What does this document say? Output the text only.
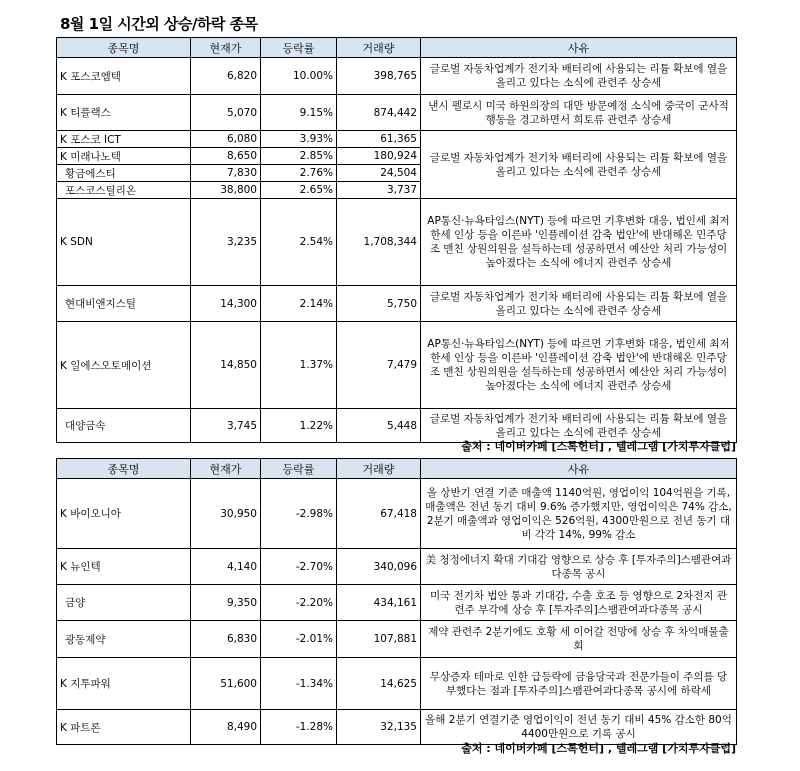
8월 1일 시간외 상승/하락 종목
종목명	현재가	등락률	거래량	사유
K 포스코엠텍	6,820	10.00%	398,765	글로벌 자동차업계가 전기차 배터리에 사용되는 리튬 확보에 열을 올리고 있다는 소식에 관련주 상승세
K 티플랙스	5,070	9.15%	874,442	낸시 펠로시 미국 하원의장의 대만 방문예정 소식에 중국이 군사적 행동을 경고하면서 희토류 관련주 상승세
K 포스코 ICT	6,080	3.93%	61,365	글로벌 자동차업계가 전기차 배터리에 사용되는 리튬 확보에 열을 올리고 있다는 소식에 관련주 상승세
K 미래나노텍	8,650	2.85%	180,924	
황금에스티	7,830	2.76%	24,504	
포스코스틸리온	38,800	2.65%	3,737	
K SDN	3,235	2.54%	1,708,344	AP통신·뉴욕타임스(NYT) 등에 따르면 기후변화 대응, 법인세 최저한세 인상 등을 이른바 '인플레이션 감축 법안'에 반대해온 민주당 조 맨친 상원의원을 설득하는데 성공하면서 예산안 처리 가능성이 높아졌다는 소식에 에너지 관련주 상승세
현대비앤지스틸	14,300	2.14%	5,750	글로벌 자동차업계가 전기차 배터리에 사용되는 리튬 확보에 열을 올리고 있다는 소식에 관련주 상승세
K 일에스오토메이션	14,850	1.37%	7,479	AP통신·뉴욕타임스(NYT) 등에 따르면 기후변화 대응, 법인세 최저한세 인상 등을 이른바 '인플레이션 감축 법안'에 반대해온 민주당 조 맨친 상원의원을 설득하는데 성공하면서 예산안 처리 가능성이 높아졌다는 소식에 에너지 관련주 상승세
대양금속	3,745	1.22%	5,448	글로벌 자동차업계가 전기차 배터리에 사용되는 리튬 확보에 열을 올리고 있다는 소식에 관련주 상승세
출처 : 네이버카페 [스톡헌터] , 텔레그램 [가치투자클럽]
종목명	현재가	등락률	거래량	사유
K 바이오니아	30,950	-2.98%	67,418	올 상반기 연결 기준 매출액 1140억원, 영업이익 104억원을 기록, 매출액은 전년 동기 대비 9.6% 증가했지만, 영업이익은 74% 감소, 2분기 매출액과 영업이익은 526억원, 4300만원으로 전년 동기 대비 각각 14%, 99% 감소
K 뉴인텍	4,140	-2.70%	340,096	美 청정에너지 확대 기대감 영향으로 상승 후 [투자주의]스팸관여과다종목 공시
금양	9,350	-2.20%	434,161	미국 전기차 법안 통과 기대감, 수출 호조 등 영향으로 2차전지 관련주 부각에 상승 후 [투자주의]스팸관여과다종목 공시
광동제약	6,830	-2.01%	107,881	제약 관련주 2분기에도 호황 세 이어갈 전망에 상승 후 차익매물출회
K 지투파워	51,600	-1.34%	14,625	무상증자 테마로 인한 급등락에 금융당국과 전문가들이 주의를 당부했다는 점과 [투자주의]스팸관여과다종목 공시에 하락세
K 파트론	8,490	-1.28%	32,135	올해 2분기 연결기준 영업이익이 전년 동기 대비 45% 감소한 80억4400만원으로 기록 공시
출처 : 네이버카페 [스톡헌터] , 텔레그램 [가치투자클럽]
